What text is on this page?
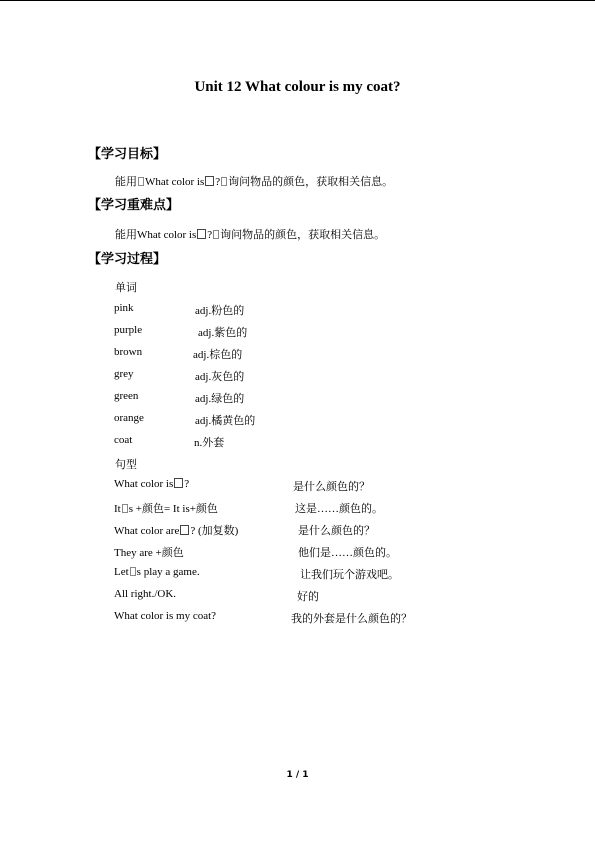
Unit 12 What colour is my coat?
【学习目标】
能用 What color is ? 询问物品的颜色，获取相关信息。
【学习重难点】
能用What color is ? 询问物品的颜色，获取相关信息。
【学习过程】
单词
pink	adj.粉色的
purple	adj.紫色的
brown	adj.棕色的
grey	adj.灰色的
green	adj.绿色的
orange	adj.橘黄色的
coat	n.外套
句型
What color is ?	是什么颜色的？
It s +颜色= It is+颜色	这是……颜色的。
What color are ? (加复数)	是什么颜色的？
They are +颜色	他们是……颜色的。
Let s play a game.	让我们玩个游戏吧。
All right./OK.	好的
What color is my coat?	我的外套是什么颜色的？
1 / 1
